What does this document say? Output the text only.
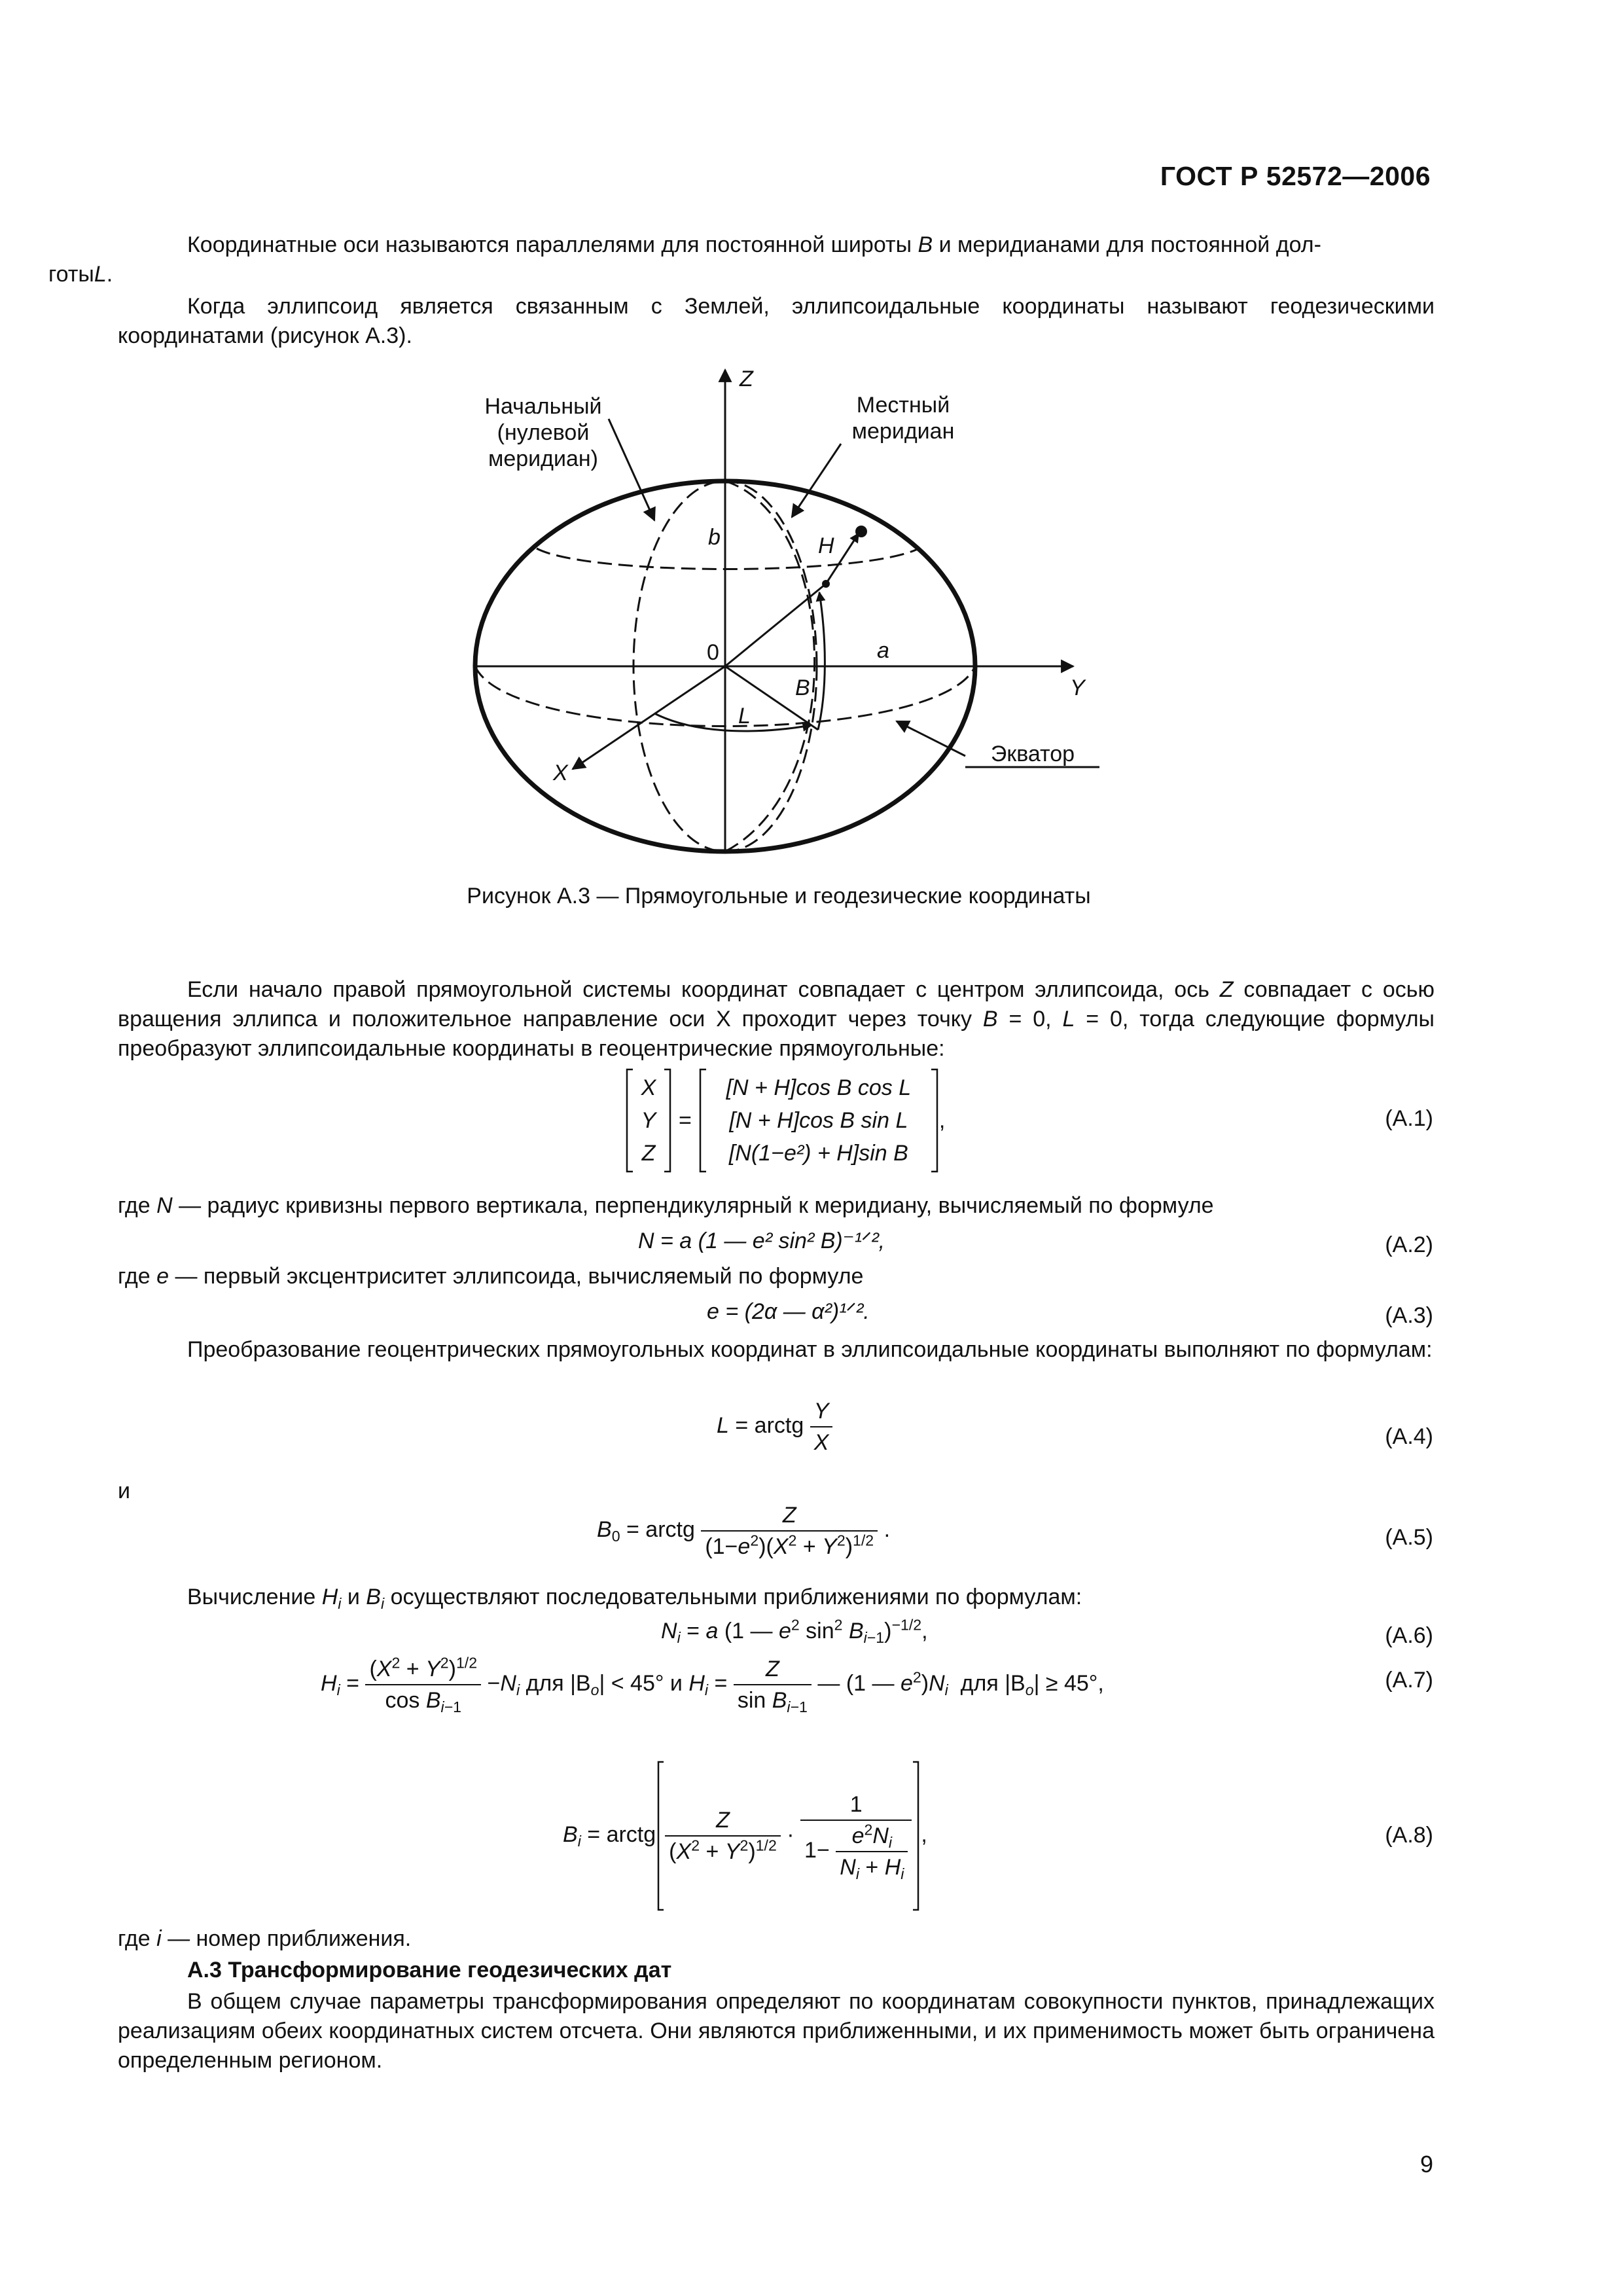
ГОСТ Р 52572—2006
Координатные оси называются параллелями для постоянной широты B и меридианами для постоянной дол-
готыL.
Когда эллипсоид является связанным с Землей, эллипсоидальные координаты называют геодезическими координатами (рисунок А.3).
Начальный
(нулевой
меридиан)
Местный
меридиан
Экватор
Z
Y
X
b
a
H
B
L
0
Рисунок А.3 — Прямоугольные и геодезические координаты
Если начало правой прямоугольной системы координат совпадает с центром эллипсоида, ось Z совпадает с осью вращения эллипса и положительное направление оси X проходит через точку B = 0, L = 0, тогда следующие формулы преобразуют эллипсоидальные координаты в геоцентрические прямоугольные:
X
Y
Z
=
[N + H]cos B cos L
[N + H]cos B sin L
[N(1−e²) + H]sin B
,	(А.1)
где N — радиус кривизны первого вертикала, перпендикулярный к меридиану, вычисляемый по формуле
N = a (1 — e² sin² B)⁻¹ᐟ²,	(А.2)
где e — первый эксцентриситет эллипсоида, вычисляемый по формуле
e = (2α — α²)¹ᐟ².	(А.3)
Преобразование геоцентрических прямоугольных координат в эллипсоидальные координаты выполняют по формулам:
L = arctg $\frac{Y}{X}$	(А.4)
и
$B_0$ = arctg $\frac{Z}{(1-e^2)(X^2 + Y^2)^{1/2}}$ .	(А.5)
Вычисление $H_i$ и $B_i$ осуществляют последовательными приближениями по формулам:
$N_i = a$ (1 — $e^2$ $\sin^2 B_{i-1})^{-1/2}$,	(А.6)
$H_i = \frac{(X^2 + Y^2)^{1/2}}{\cos B_{i-1}} -N_i$ для $|B_o| < 45^\circ$ и $H_i = \frac{Z}{\sin B_{i-1}}$ — (1 — $e^2)N_i$ для $|B_o| \ge 45^\circ$,	(А.7)
$B_i$ = arctg $\frac{Z}{(X^2 + Y^2)^{1/2}} \cdot \frac{1}{1- \frac{e^2N_i}{N_i + H_i}}$ ,	(А.8)
где i — номер приближения.
А.3 Трансформирование геодезических дат
В общем случае параметры трансформирования определяют по координатам совокупности пунктов, принадлежащих реализациям обеих координатных систем отсчета. Они являются приближенными, и их применимость может быть ограничена определенным регионом.
9
